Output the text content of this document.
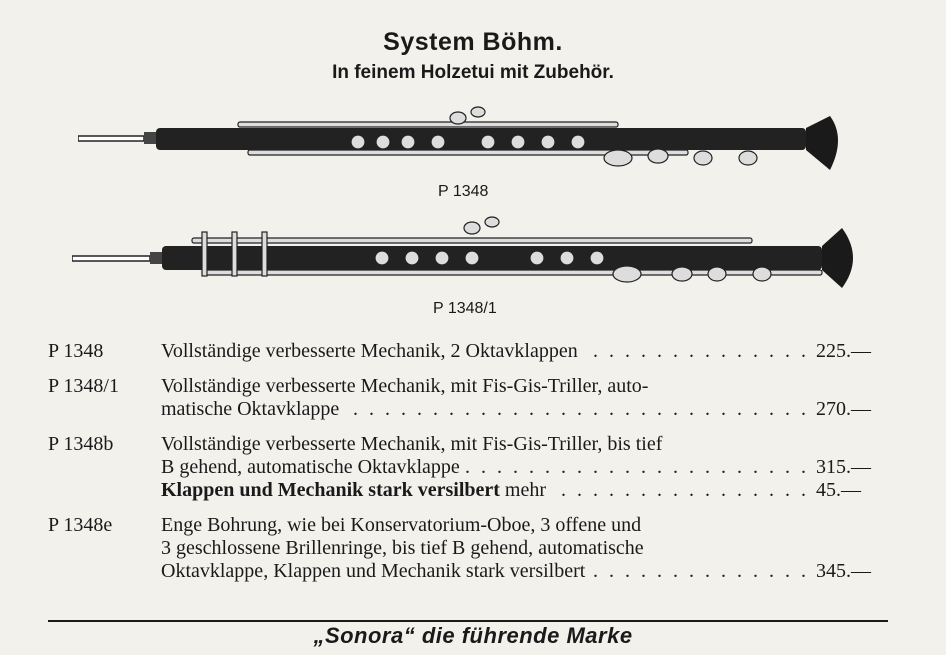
System Böhm.
In feinem Holzetui mit Zubehör.
P 1348
P 1348/1
P 1348
. . .	Vollständige verbesserte Mechanik, 2 Oktavklappen	225.—
P 1348/1	Vollständige verbesserte Mechanik, mit Fis-Gis-Triller, auto-
. . . matische Oktavklappe	270.—
P 1348b	Vollständige verbesserte Mechanik, mit Fis-Gis-Triller, bis tief
. . . B gehend, automatische Oktavklappe	315.—
. . . Klappen und Mechanik stark versilbert mehr	45.—
P 1348e	Enge Bohrung, wie bei Konservatorium-Oboe, 3 offene und
3 geschlossene Brillenringe, bis tief B gehend, automatische
. . . Oktavklappe, Klappen und Mechanik stark versilbert	345.—
„Sonora“ die führende Marke
